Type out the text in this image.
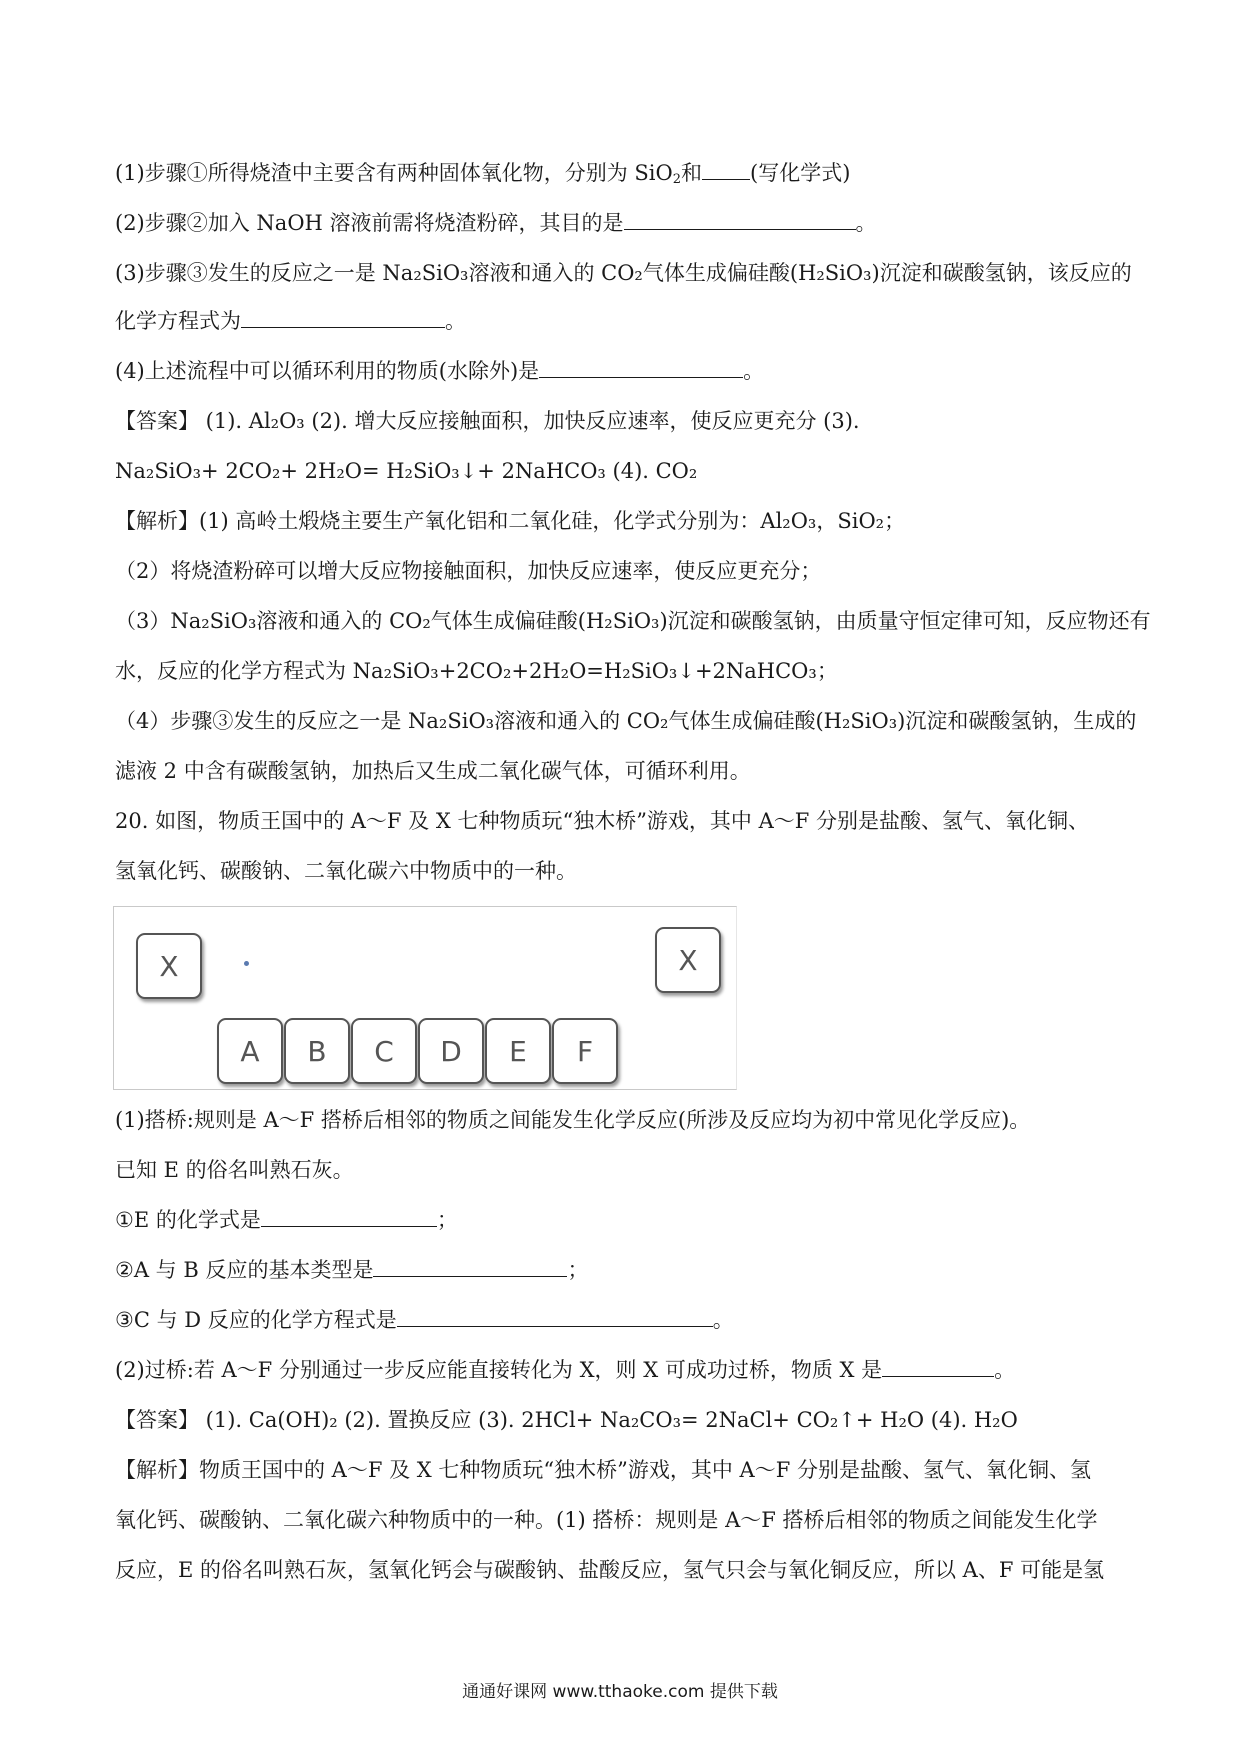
(1)步骤①所得烧渣中主要含有两种固体氧化物，分别为 SiO$_2$和 (写化学式)
(2)步骤②加入 NaOH 溶液前需将烧渣粉碎，其目的是	。
(3)步骤③发生的反应之一是 Na₂SiO₃溶液和通入的 CO₂气体生成偏硅酸(H₂SiO₃)沉淀和碳酸氢钠，该反应的
化学方程式为	。
(4)上述流程中可以循环利用的物质(水除外)是	。
【答案】 (1). Al₂O₃ (2). 增大反应接触面积，加快反应速率，使反应更充分 (3).
Na₂SiO₃+ 2CO₂+ 2H₂O= H₂SiO₃↓+ 2NaHCO₃ (4). CO₂
【解析】(1) 高岭土煅烧主要生产氧化铝和二氧化硅，化学式分别为：Al₂O₃，SiO₂；
（2）将烧渣粉碎可以增大反应物接触面积，加快反应速率，使反应更充分；
（3）Na₂SiO₃溶液和通入的 CO₂气体生成偏硅酸(H₂SiO₃)沉淀和碳酸氢钠，由质量守恒定律可知，反应物还有
水，反应的化学方程式为 Na₂SiO₃+2CO₂+2H₂O=H₂SiO₃↓+2NaHCO₃；
（4）步骤③发生的反应之一是 Na₂SiO₃溶液和通入的 CO₂气体生成偏硅酸(H₂SiO₃)沉淀和碳酸氢钠，生成的
滤液 2 中含有碳酸氢钠，加热后又生成二氧化碳气体，可循环利用。
20. 如图，物质王国中的 A～F 及 X 七种物质玩“独木桥”游戏，其中 A～F 分别是盐酸、氢气、氧化铜、
氢氧化钙、碳酸钠、二氧化碳六中物质中的一种。
X	X
A	B	C	D	E	F
(1)搭桥:规则是 A～F 搭桥后相邻的物质之间能发生化学反应(所涉及反应均为初中常见化学反应)。
已知 E 的俗名叫熟石灰。
①E 的化学式是	；
②A 与 B 反应的基本类型是	；
③C 与 D 反应的化学方程式是	。
(2)过桥:若 A～F 分别通过一步反应能直接转化为 X，则 X 可成功过桥，物质 X 是	。
【答案】 (1). Ca(OH)₂ (2). 置换反应 (3). 2HCl+ Na₂CO₃= 2NaCl+ CO₂↑+ H₂O (4). H₂O
【解析】物质王国中的 A～F 及 X 七种物质玩“独木桥”游戏，其中 A～F 分别是盐酸、氢气、氧化铜、氢
氧化钙、碳酸钠、二氧化碳六种物质中的一种。(1) 搭桥：规则是 A～F 搭桥后相邻的物质之间能发生化学
反应，E 的俗名叫熟石灰，氢氧化钙会与碳酸钠、盐酸反应，氢气只会与氧化铜反应，所以 A、F 可能是氢
通通好课网 www.tthaoke.com 提供下载
